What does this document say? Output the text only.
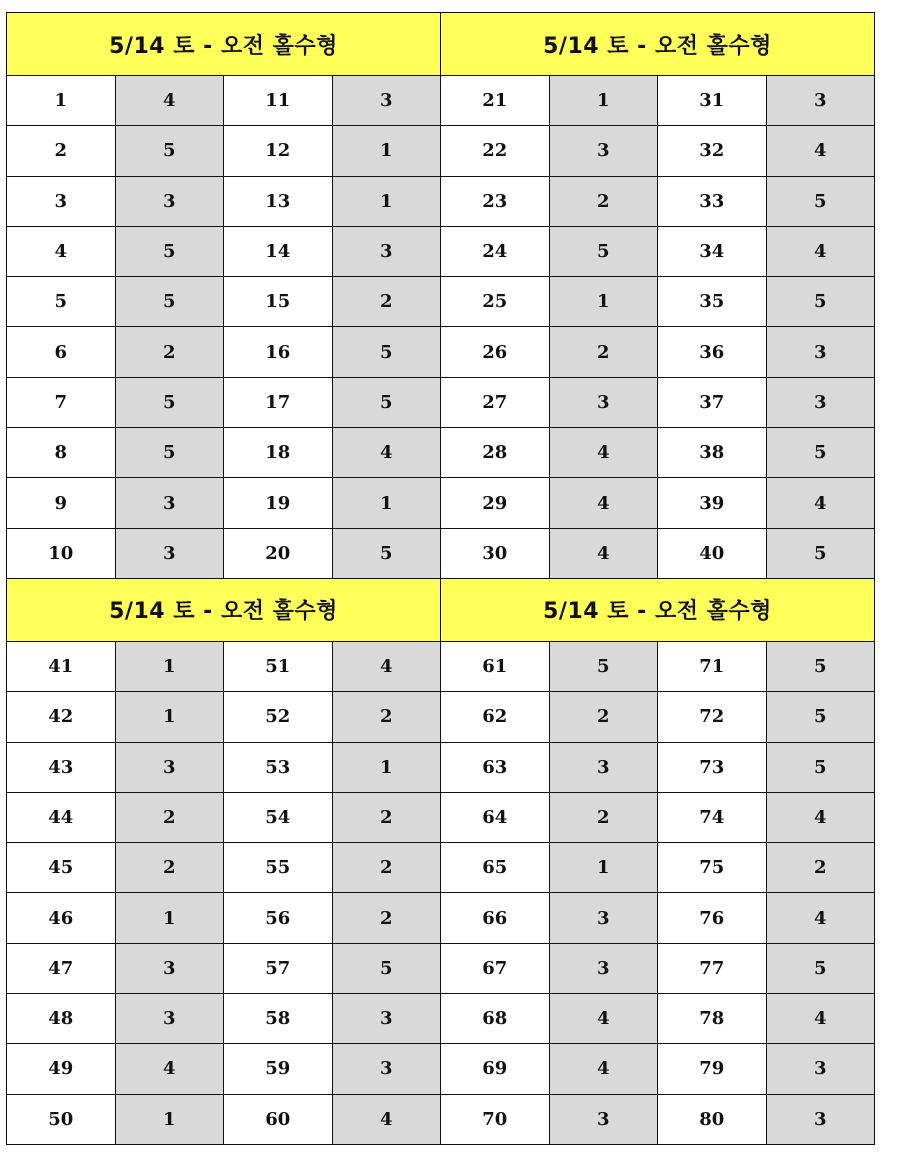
5/14 토 - 오전 홀수형				5/14 토 - 오전 홀수형			
1	4	11	3	21	1	31	3
2	5	12	1	22	3	32	4
3	3	13	1	23	2	33	5
4	5	14	3	24	5	34	4
5	5	15	2	25	1	35	5
6	2	16	5	26	2	36	3
7	5	17	5	27	3	37	3
8	5	18	4	28	4	38	5
9	3	19	1	29	4	39	4
10	3	20	5	30	4	40	5
5/14 토 - 오전 홀수형				5/14 토 - 오전 홀수형			
41	1	51	4	61	5	71	5
42	1	52	2	62	2	72	5
43	3	53	1	63	3	73	5
44	2	54	2	64	2	74	4
45	2	55	2	65	1	75	2
46	1	56	2	66	3	76	4
47	3	57	5	67	3	77	5
48	3	58	3	68	4	78	4
49	4	59	3	69	4	79	3
50	1	60	4	70	3	80	3
